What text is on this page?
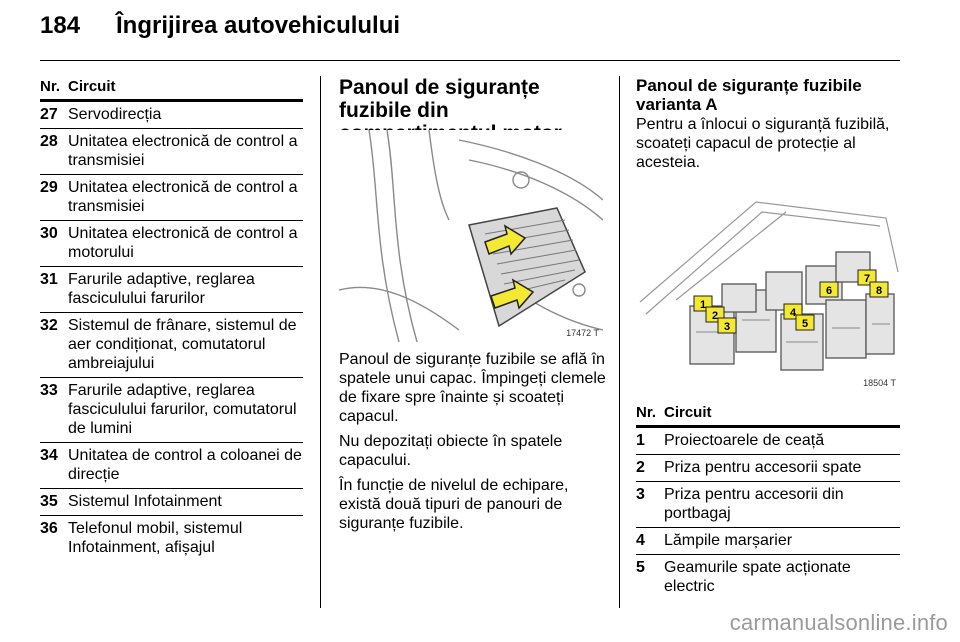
184 Îngrijirea autovehiculului
Nr. Circuit
27 Servodirecția
28 Unitatea electronică de control a transmisiei
29 Unitatea electronică de control a transmisiei
30 Unitatea electronică de control a motorului
31 Farurile adaptive, reglarea fasciculului farurilor
32 Sistemul de frânare, sistemul de aer condiționat, comutatorul ambreiajului
33 Farurile adaptive, reglarea fasciculului farurilor, comutatorul de lumini
34 Unitatea de control a coloanei de direcție
35 Sistemul Infotainment
36 Telefonul mobil, sistemul Infotainment, afișajul
Panoul de siguranțe fuzibile din
17472 T

Panoul de siguranțe fuzibile se află în spatele unui capac. Împingeți clemele de fixare spre înainte și scoateți capacul.

Nu depozitați obiecte în spatele capacului.

În funcție de nivelul de echipare, există două tipuri de panouri de siguranțe fuzibile.

Panoul de siguranțe fuzibile varianta A

Pentru a înlocui o siguranță fuzibilă, scoateți capacul de protecție al acesteia.

1
2
3
4
5
6
7
8
18504 T
Nr. Circuit
1	Proiectoarele de ceață
2	Priza pentru accesorii spate
3	Priza pentru accesorii din portbagaj
4	Lămpile marșarier
5	Geamurile spate acționate electric
carmanualsonline.info
